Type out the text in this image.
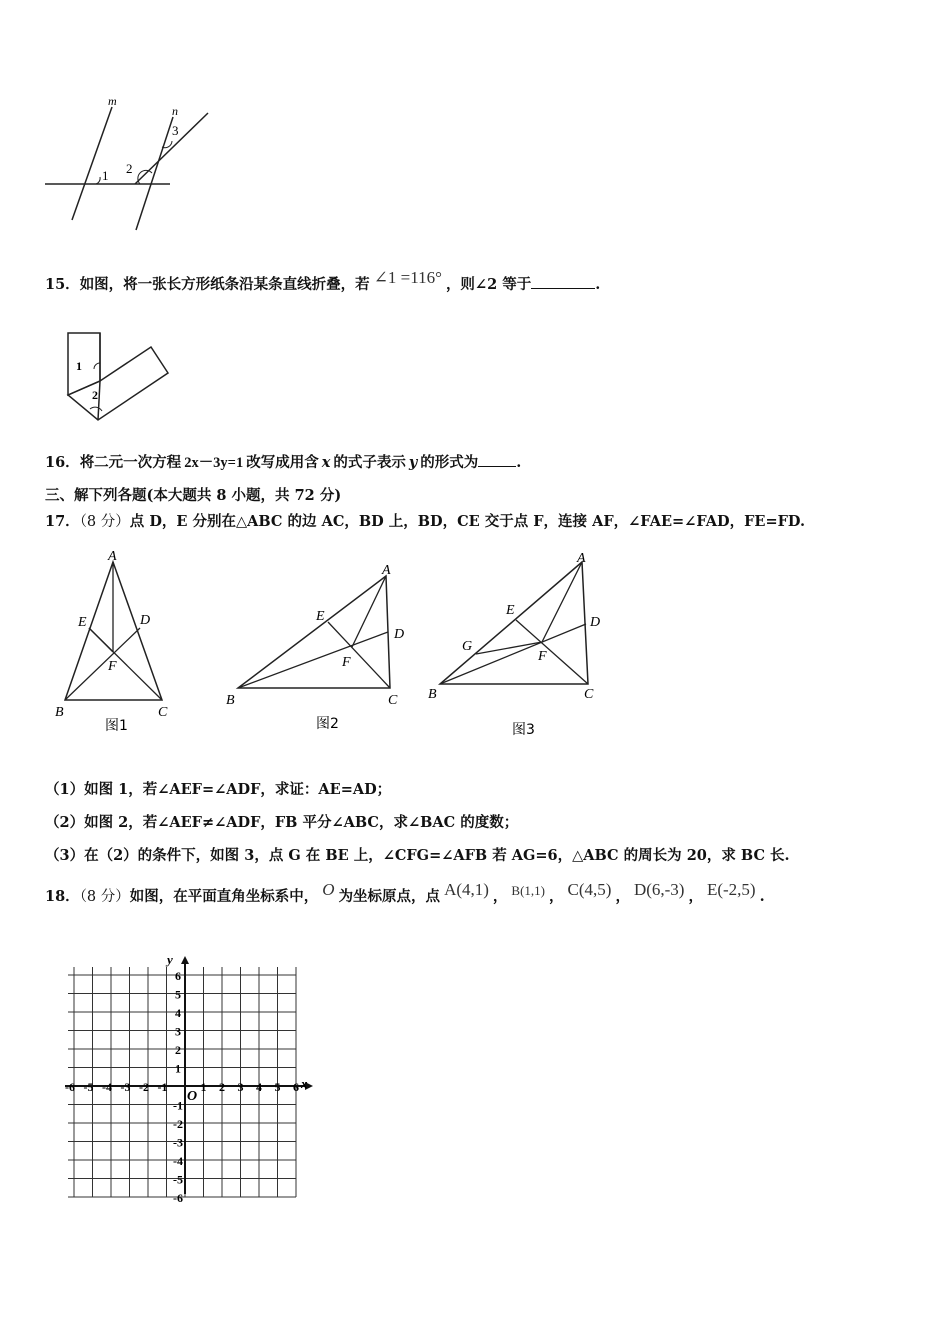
m
n
1 2
3
15．如图，将一张长方形纸条沿某条直线折叠，若 ∠1 =116° ，则∠2 等于	.
1
2
16．将二元一次方程 2x－3y=1 改写成用含 x 的式子表示 y 的形式为	.
三、解下列各题(本大题共 8 小题，共 72 分)
17．（8 分）点 D，E 分别在△ABC 的边 AC，BD 上，BD，CE 交于点 F，连接 AF，∠FAE=∠FAD，FE=FD.
A
B	C
D
E
F
图1
A
B	C
D
E
F
图2
A
B	C
D
E
F
G
图3
（1）如图 1，若∠AEF=∠ADF，求证：AE=AD；
（2）如图 2，若∠AEF≠∠ADF，FB 平分∠ABC，求∠BAC 的度数；
（3）在（2）的条件下，如图 3，点 G 在 BE 上，∠CFG=∠AFB 若 AG=6，△ABC 的周长为 20，求 BC 长.
18．（8 分）如图，在平面直角坐标系中， O 为坐标原点，点 A(4,1) ， B(1,1) ， C(4,5) ， D(6,-3) ， E(-2,5) .
x
y
O
-6 -5 -4 -3 -2 -1	1 2 3 4 5 6
6
5
4
3
2
1
-1
-2
-3
-4
-5
-6
